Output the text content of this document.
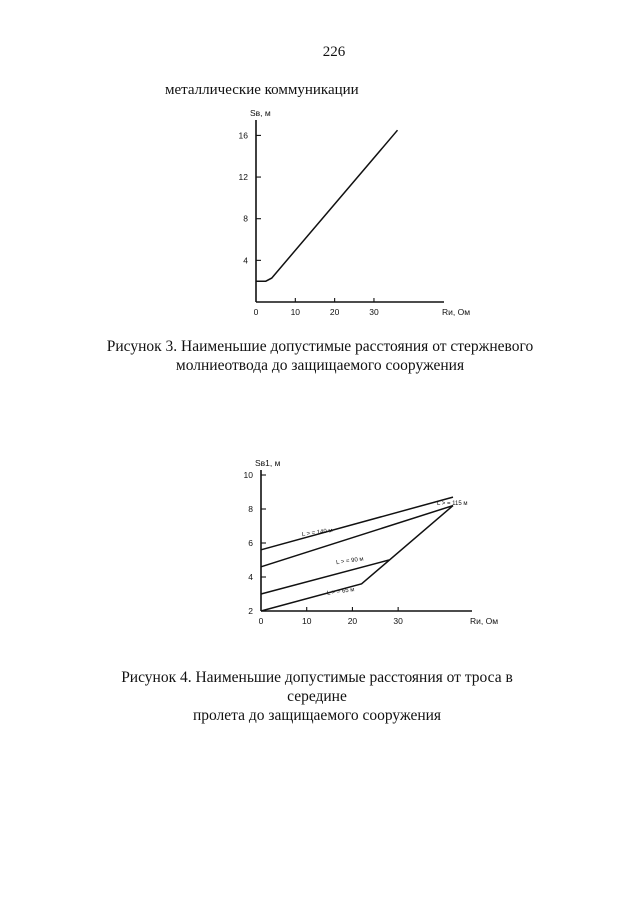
226
металлические коммуникации
4
8
12
16
0	10	20	30	Rи, Ом
Sв, м
2
4
6
8
10
0	10	20	30	Rи, Ом
Sв1, м
L > = 140 м
L > = 115 м
L > = 90 м
L > = 65 м
Рисунок 3. Наименьшие допустимые расстояния от стержневого
молниеотвода до защищаемого сооружения
Рисунок 4. Наименьшие допустимые расстояния от троса в середине
пролета до защищаемого сооружения
